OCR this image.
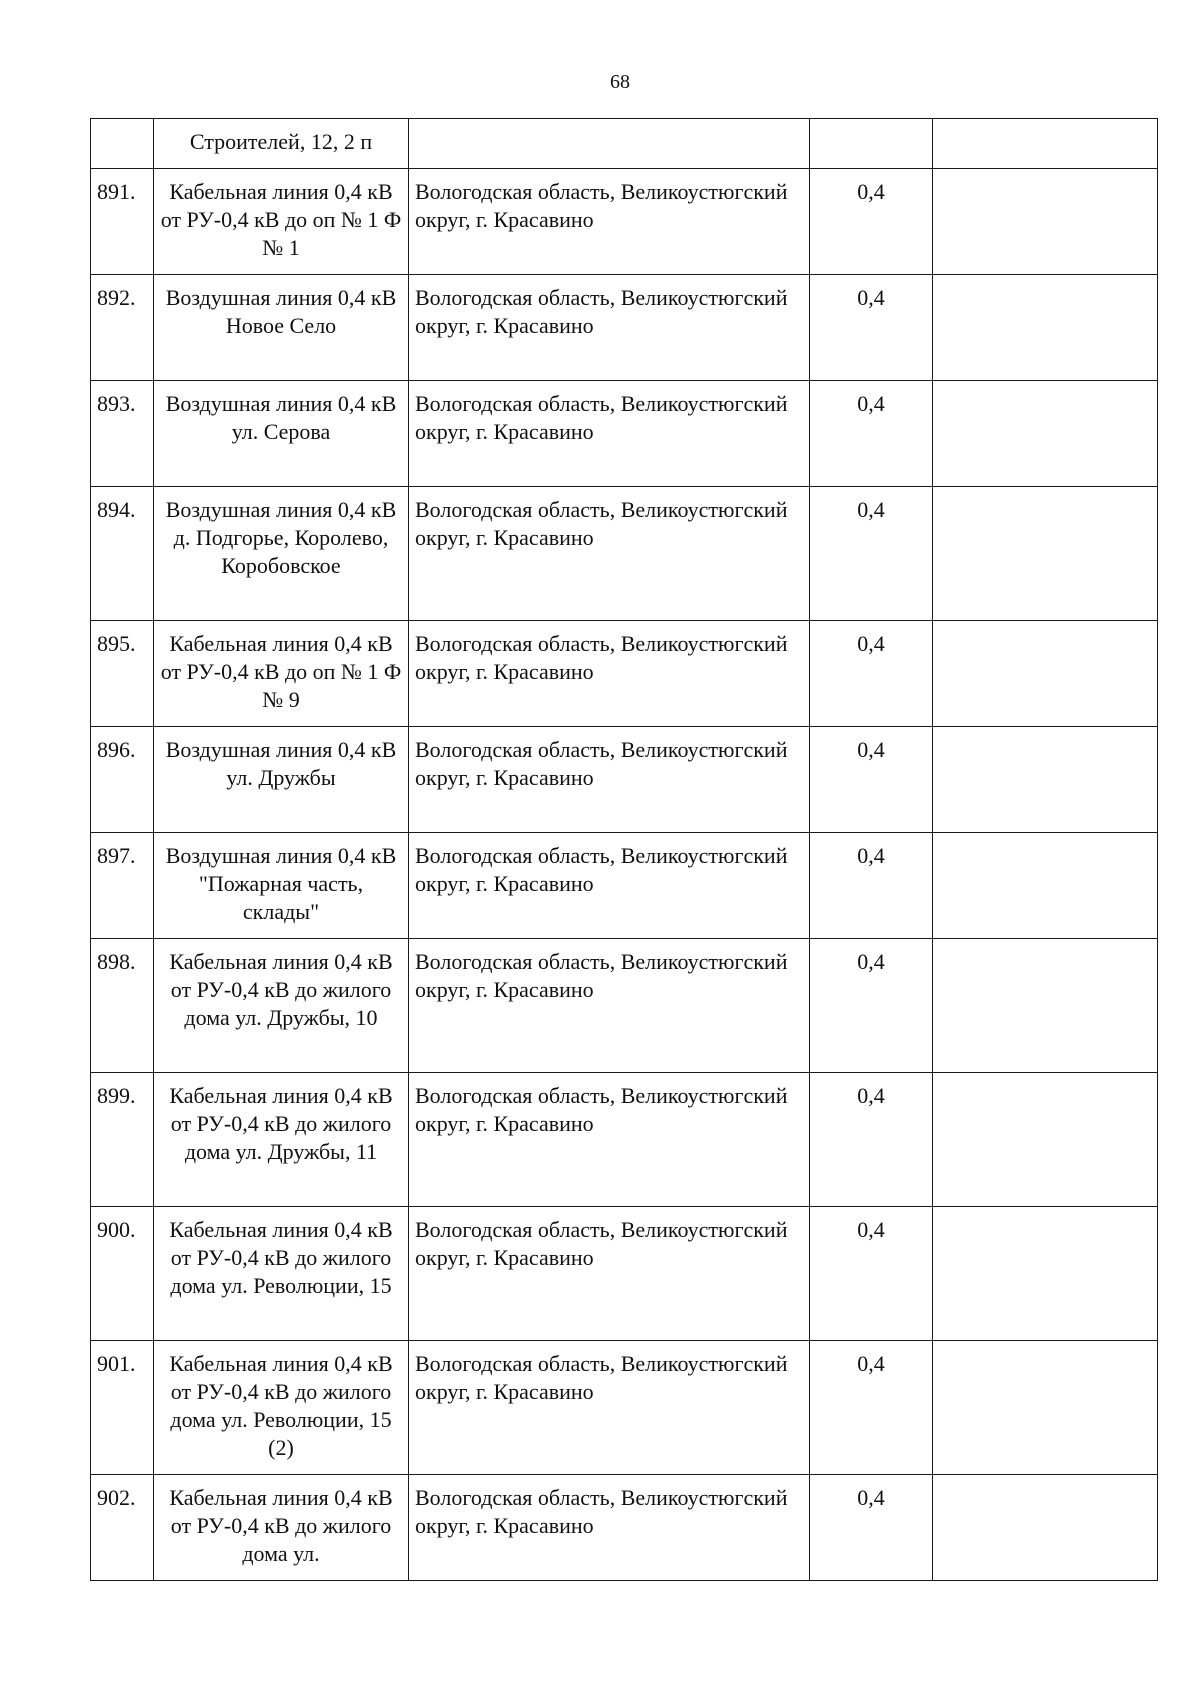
68
	Строителей, 12, 2 п			
891.	Кабельная линия 0,4 кВ от РУ-0,4 кВ до оп № 1 Ф № 1	Вологодская область, Великоустюгский округ, г. Красавино	0,4	
892.	Воздушная линия 0,4 кВ Новое Село	Вологодская область, Великоустюгский округ, г. Красавино	0,4	
893.	Воздушная линия 0,4 кВ ул. Серова	Вологодская область, Великоустюгский округ, г. Красавино	0,4	
894.	Воздушная линия 0,4 кВ д. Подгорье, Королево, Коробовское	Вологодская область, Великоустюгский округ, г. Красавино	0,4	
895.	Кабельная линия 0,4 кВ от РУ-0,4 кВ до оп № 1 Ф № 9	Вологодская область, Великоустюгский округ, г. Красавино	0,4	
896.	Воздушная линия 0,4 кВ ул. Дружбы	Вологодская область, Великоустюгский округ, г. Красавино	0,4	
897.	Воздушная линия 0,4 кВ "Пожарная часть, склады"	Вологодская область, Великоустюгский округ, г. Красавино	0,4	
898.	Кабельная линия 0,4 кВ от РУ-0,4 кВ до жилого дома ул. Дружбы, 10	Вологодская область, Великоустюгский округ, г. Красавино	0,4	
899.	Кабельная линия 0,4 кВ от РУ-0,4 кВ до жилого дома ул. Дружбы, 11	Вологодская область, Великоустюгский округ, г. Красавино	0,4	
900.	Кабельная линия 0,4 кВ от РУ-0,4 кВ до жилого дома ул. Революции, 15	Вологодская область, Великоустюгский округ, г. Красавино	0,4	
901.	Кабельная линия 0,4 кВ от РУ-0,4 кВ до жилого дома ул. Революции, 15 (2)	Вологодская область, Великоустюгский округ, г. Красавино	0,4	
902.	Кабельная линия 0,4 кВ от РУ-0,4 кВ до жилого дома ул.	Вологодская область, Великоустюгский округ, г. Красавино	0,4	
